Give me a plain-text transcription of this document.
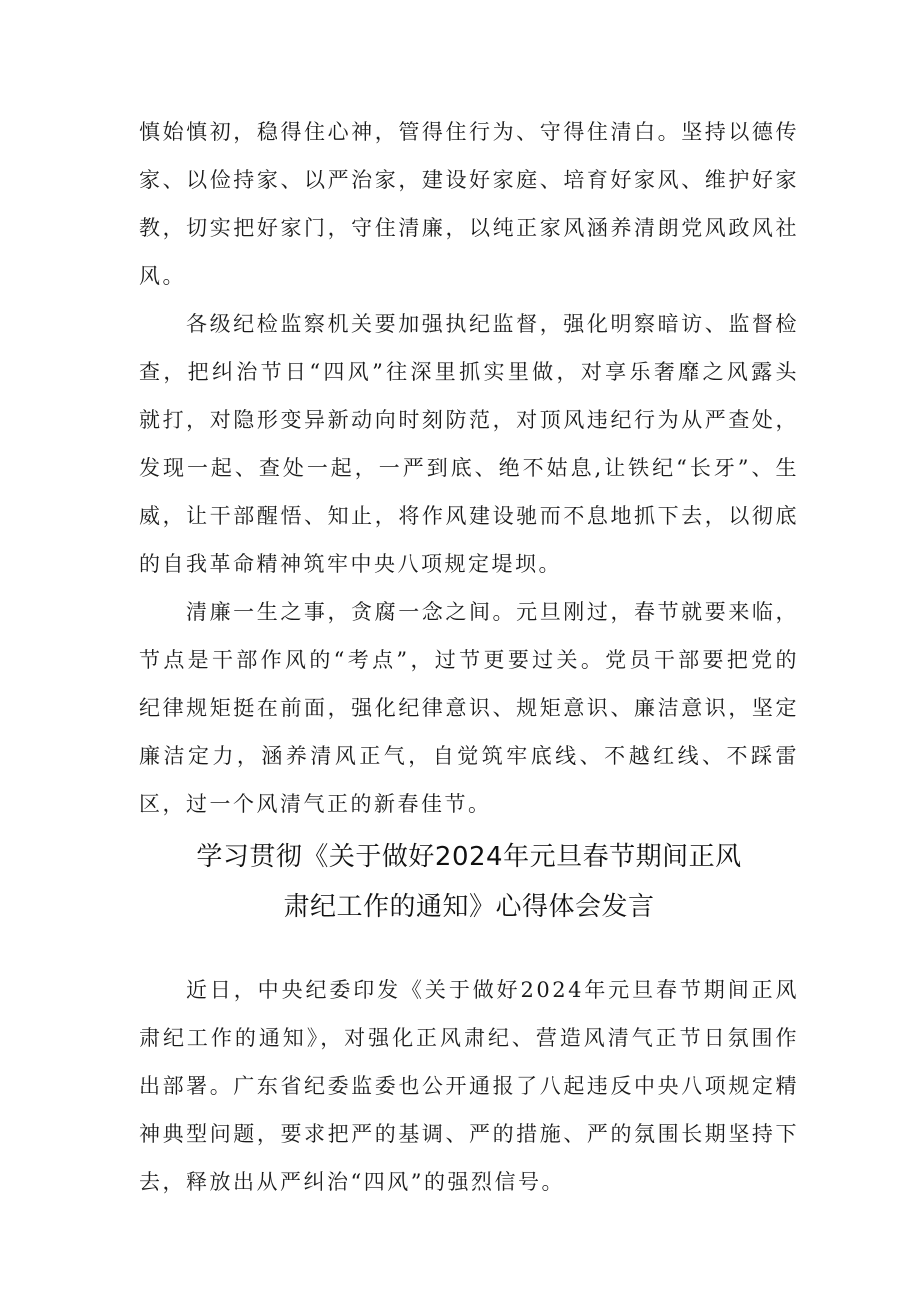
慎始慎初，稳得住心神，管得住行为、守得住清白。坚持以德传家、以俭持家、以严治家，建设好家庭、培育好家风、维护好家教，切实把好家门，守住清廉，以纯正家风涵养清朗党风政风社风。

各级纪检监察机关要加强执纪监督，强化明察暗访、监督检查，把纠治节日“四风”往深里抓实里做，对享乐奢靡之风露头就打，对隐形变异新动向时刻防范，对顶风违纪行为从严查处，发现一起、查处一起，一严到底、绝不姑息,让铁纪“长牙”、生威，让干部醒悟、知止，将作风建设驰而不息地抓下去，以彻底的自我革命精神筑牢中央八项规定堤坝。

清廉一生之事，贪腐一念之间。元旦刚过，春节就要来临，节点是干部作风的“考点”，过节更要过关。党员干部要把党的纪律规矩挺在前面，强化纪律意识、规矩意识、廉洁意识，坚定廉洁定力，涵养清风正气，自觉筑牢底线、不越红线、不踩雷区，过一个风清气正的新春佳节。

学习贯彻《关于做好2024年元旦春节期间正风
肃纪工作的通知》心得体会发言

近日，中央纪委印发《关于做好2024年元旦春节期间正风肃纪工作的通知》，对强化正风肃纪、营造风清气正节日氛围作出部署。广东省纪委监委也公开通报了八起违反中央八项规定精神典型问题，要求把严的基调、严的措施、严的氛围长期坚持下去，释放出从严纠治“四风”的强烈信号。
